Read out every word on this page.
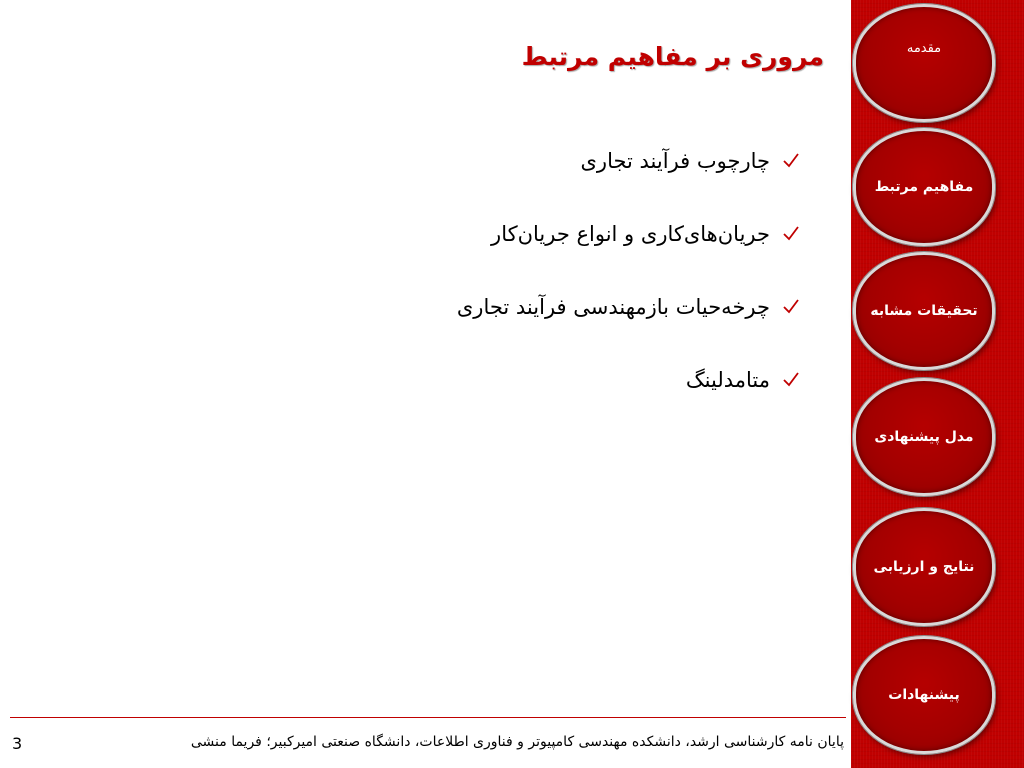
مروری بر مفاهیم مرتبط
چارچوب فرآیند تجاری
جریان‌های‌کاری و انواع جریان‌کار
چرخه‌حیات بازمهندسی فرآیند تجاری
متامدلینگ
مقدمه
مفاهیم مرتبط
تحقیقات مشابه
مدل پیشنهادی
نتایج و ارزیابی
پیشنهادات
پایان نامه کارشناسی ارشد، دانشکده مهندسی کامپیوتر و فناوری اطلاعات، دانشگاه صنعتی امیرکبیر؛ فریما منشی
3
